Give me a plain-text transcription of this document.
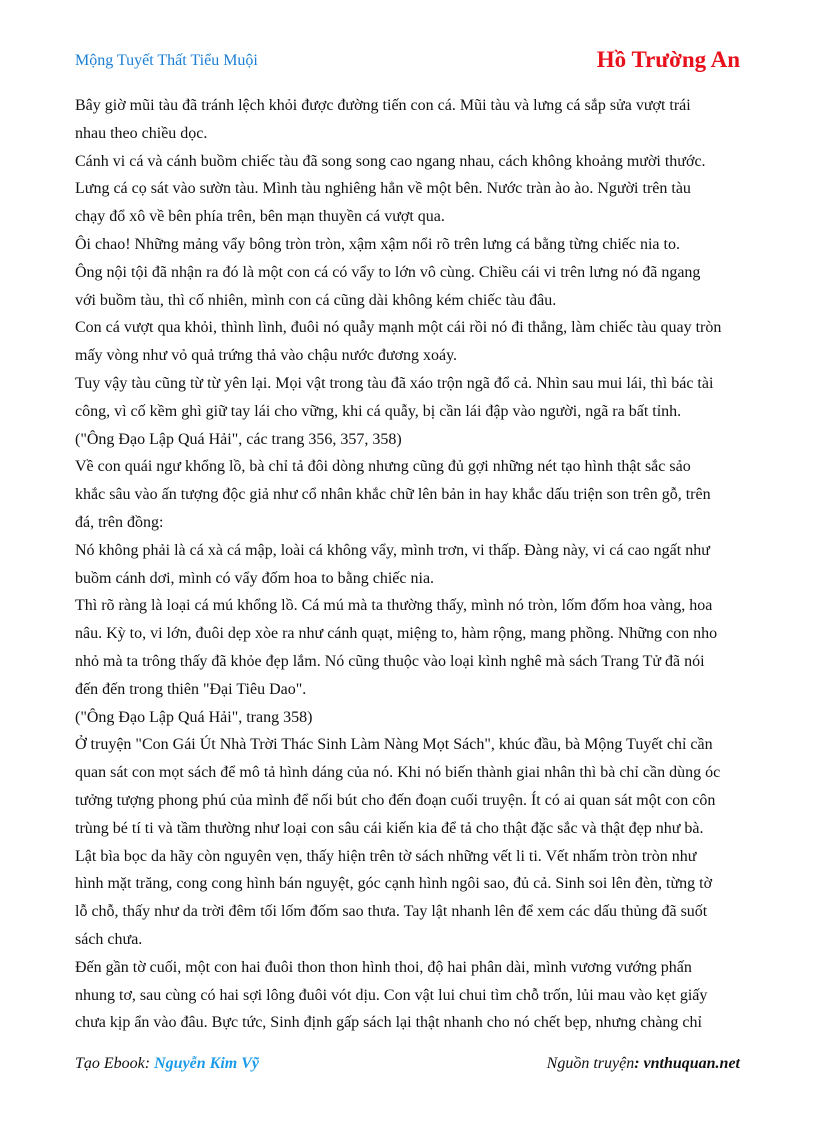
Mộng Tuyết Thất Tiểu Muội	Hồ Trường An
Bây giờ mũi tàu đã tránh lệch khỏi được đường tiến con cá. Mũi tàu và lưng cá sắp sửa vượt trái
nhau theo chiều dọc.
Cánh vi cá và cánh buồm chiếc tàu đã song song cao ngang nhau, cách không khoảng mười thước.
Lưng cá cọ sát vào sườn tàu. Mình tàu nghiêng hẳn về một bên. Nước tràn ào ào. Người trên tàu
chạy đổ xô về bên phía trên, bên mạn thuyền cá vượt qua.
Ôi chao! Những mảng vẩy bông tròn tròn, xậm xậm nổi rõ trên lưng cá bằng từng chiếc nia to.
Ông nội tội đã nhận ra đó là một con cá có vẩy to lớn vô cùng. Chiều cái vi trên lưng nó đã ngang
với buồm tàu, thì cố nhiên, mình con cá cũng dài không kém chiếc tàu đâu.
Con cá vượt qua khỏi, thình lình, đuôi nó quẫy mạnh một cái rồi nó đi thẳng, làm chiếc tàu quay tròn
mấy vòng như vỏ quả trứng thả vào chậu nước đương xoáy.
Tuy vậy tàu cũng từ từ yên lại. Mọi vật trong tàu đã xáo trộn ngã đổ cả. Nhìn sau mui lái, thì bác tài
công, vì cố kềm ghì giữ tay lái cho vững, khi cá quẫy, bị cần lái đập vào người, ngã ra bất tỉnh.
("Ông Đạo Lập Quá Hải", các trang 356, 357, 358)
Về con quái ngư khổng lồ, bà chỉ tả đôi dòng nhưng cũng đủ gợi những nét tạo hình thật sắc sảo
khắc sâu vào ấn tượng độc giả như cổ nhân khắc chữ lên bản in hay khắc dấu triện son trên gỗ, trên
đá, trên đồng:
Nó không phải là cá xà cá mập, loài cá không vẩy, mình trơn, vi thấp. Đàng này, vi cá cao ngất như
buồm cánh dơi, mình có vẩy đốm hoa to bằng chiếc nia.
Thì rõ ràng là loại cá mú khổng lồ. Cá mú mà ta thường thấy, mình nó tròn, lốm đốm hoa vàng, hoa
nâu. Kỳ to, vi lớn, đuôi dẹp xòe ra như cánh quạt, miệng to, hàm rộng, mang phồng. Những con nho
nhỏ mà ta trông thấy đã khỏe đẹp lắm. Nó cũng thuộc vào loại kình nghê mà sách Trang Tử đã nói
đến đến trong thiên "Đại Tiêu Dao".
("Ông Đạo Lập Quá Hải", trang 358)
Ở truyện "Con Gái Út Nhà Trời Thác Sinh Làm Nàng Mọt Sách", khúc đầu, bà Mộng Tuyết chỉ cần
quan sát con mọt sách để mô tả hình dáng của nó. Khi nó biến thành giai nhân thì bà chỉ cần dùng óc
tưởng tượng phong phú của mình để nối bút cho đến đoạn cuối truyện. Ít có ai quan sát một con côn
trùng bé tí ti và tầm thường như loại con sâu cái kiến kia để tả cho thật đặc sắc và thật đẹp như bà.
Lật bìa bọc da hãy còn nguyên vẹn, thấy hiện trên tờ sách những vết li ti. Vết nhấm tròn tròn như
hình mặt trăng, cong cong hình bán nguyệt, góc cạnh hình ngôi sao, đủ cả. Sinh soi lên đèn, từng tờ
lỗ chỗ, thấy như da trời đêm tối lốm đốm sao thưa. Tay lật nhanh lên để xem các dấu thủng đã suốt
sách chưa.
Đến gần tờ cuối, một con hai đuôi thon thon hình thoi, độ hai phân dài, mình vương vướng phấn
nhung tơ, sau cùng có hai sợi lông đuôi vót dịu. Con vật lui chui tìm chỗ trốn, lủi mau vào kẹt giấy
chưa kịp ẩn vào đâu. Bực tức, Sinh định gấp sách lại thật nhanh cho nó chết bẹp, nhưng chàng chỉ
Tạo Ebook: Nguyễn Kim Vỹ	Nguồn truyện: vnthuquan.net
